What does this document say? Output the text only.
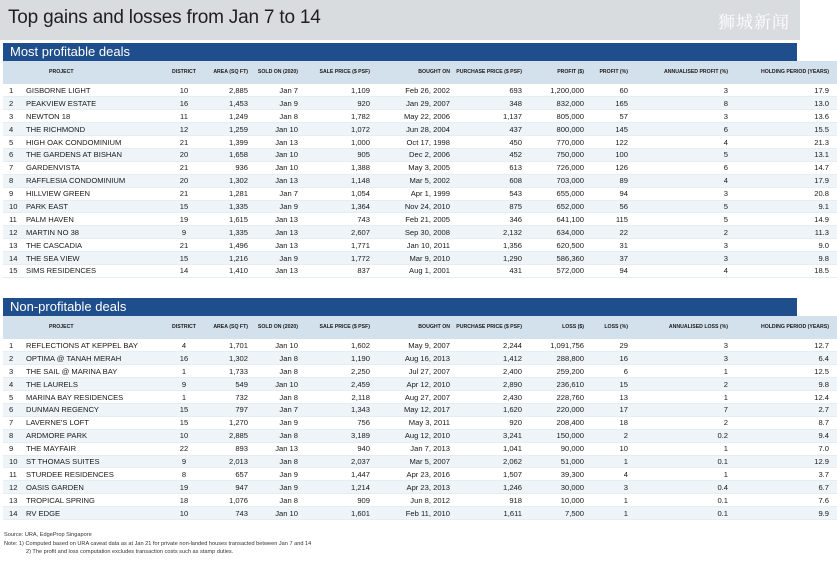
Top gains and losses from Jan 7 to 14	狮城新闻
Most profitable deals
	PROJECT	DISTRICT	AREA (SQ FT)	SOLD ON (2020)	SALE PRICE ($ PSF)	BOUGHT ON	PURCHASE PRICE ($ PSF)	PROFIT ($)	PROFIT (%)	ANNUALISED PROFIT (%)	HOLDING PERIOD (YEARS)
1	GISBORNE LIGHT	10	2,885	Jan 7	1,109	Feb 26, 2002	693	1,200,000	60	3	17.9
2	PEAKVIEW ESTATE	16	1,453	Jan 9	920	Jan 29, 2007	348	832,000	165	8	13.0
3	NEWTON 18	11	1,249	Jan 8	1,782	May 22, 2006	1,137	805,000	57	3	13.6
4	THE RICHMOND	12	1,259	Jan 10	1,072	Jun 28, 2004	437	800,000	145	6	15.5
5	HIGH OAK CONDOMINIUM	21	1,399	Jan 13	1,000	Oct 17, 1998	450	770,000	122	4	21.3
6	THE GARDENS AT BISHAN	20	1,658	Jan 10	905	Dec 2, 2006	452	750,000	100	5	13.1
7	GARDENVISTA	21	936	Jan 10	1,388	May 3, 2005	613	726,000	126	6	14.7
8	RAFFLESIA CONDOMINIUM	20	1,302	Jan 13	1,148	Mar 5, 2002	608	703,000	89	4	17.9
9	HILLVIEW GREEN	21	1,281	Jan 7	1,054	Apr 1, 1999	543	655,000	94	3	20.8
10	PARK EAST	15	1,335	Jan 9	1,364	Nov 24, 2010	875	652,000	56	5	9.1
11	PALM HAVEN	19	1,615	Jan 13	743	Feb 21, 2005	346	641,100	115	5	14.9
12	MARTIN NO 38	9	1,335	Jan 13	2,607	Sep 30, 2008	2,132	634,000	22	2	11.3
13	THE CASCADIA	21	1,496	Jan 13	1,771	Jan 10, 2011	1,356	620,500	31	3	9.0
14	THE SEA VIEW	15	1,216	Jan 9	1,772	Mar 9, 2010	1,290	586,360	37	3	9.8
15	SIMS RESIDENCES	14	1,410	Jan 13	837	Aug 1, 2001	431	572,000	94	4	18.5
Non-profitable deals
	PROJECT	DISTRICT	AREA (SQ FT)	SOLD ON (2020)	SALE PRICE ($ PSF)	BOUGHT ON	PURCHASE PRICE ($ PSF)	LOSS ($)	LOSS (%)	ANNUALISED LOSS (%)	HOLDING PERIOD (YEARS)
1	REFLECTIONS AT KEPPEL BAY	4	1,701	Jan 10	1,602	May 9, 2007	2,244	1,091,756	29	3	12.7
2	OPTIMA @ TANAH MERAH	16	1,302	Jan 8	1,190	Aug 16, 2013	1,412	288,800	16	3	6.4
3	THE SAIL @ MARINA BAY	1	1,733	Jan 8	2,250	Jul 27, 2007	2,400	259,200	6	1	12.5
4	THE LAURELS	9	549	Jan 10	2,459	Apr 12, 2010	2,890	236,610	15	2	9.8
5	MARINA BAY RESIDENCES	1	732	Jan 8	2,118	Aug 27, 2007	2,430	228,760	13	1	12.4
6	DUNMAN REGENCY	15	797	Jan 7	1,343	May 12, 2017	1,620	220,000	17	7	2.7
7	LAVERNE'S LOFT	15	1,270	Jan 9	756	May 3, 2011	920	208,400	18	2	8.7
8	ARDMORE PARK	10	2,885	Jan 8	3,189	Aug 12, 2010	3,241	150,000	2	0.2	9.4
9	THE MAYFAIR	22	893	Jan 13	940	Jan 7, 2013	1,041	90,000	10	1	7.0
10	ST THOMAS SUITES	9	2,013	Jan 8	2,037	Mar 5, 2007	2,062	51,000	1	0.1	12.9
11	STURDEE RESIDENCES	8	657	Jan 9	1,447	Apr 23, 2016	1,507	39,300	4	1	3.7
12	OASIS GARDEN	19	947	Jan 9	1,214	Apr 23, 2013	1,246	30,000	3	0.4	6.7
13	TROPICAL SPRING	18	1,076	Jan 8	909	Jun 8, 2012	918	10,000	1	0.1	7.6
14	RV EDGE	10	743	Jan 10	1,601	Feb 11, 2010	1,611	7,500	1	0.1	9.9
Source: URA, EdgeProp Singapore
Note: 1) Computed based on URA caveat data as at Jan 21 for private non-landed houses transacted between Jan 7 and 14
2) The profit and loss computation excludes transaction costs such as stamp duties.
